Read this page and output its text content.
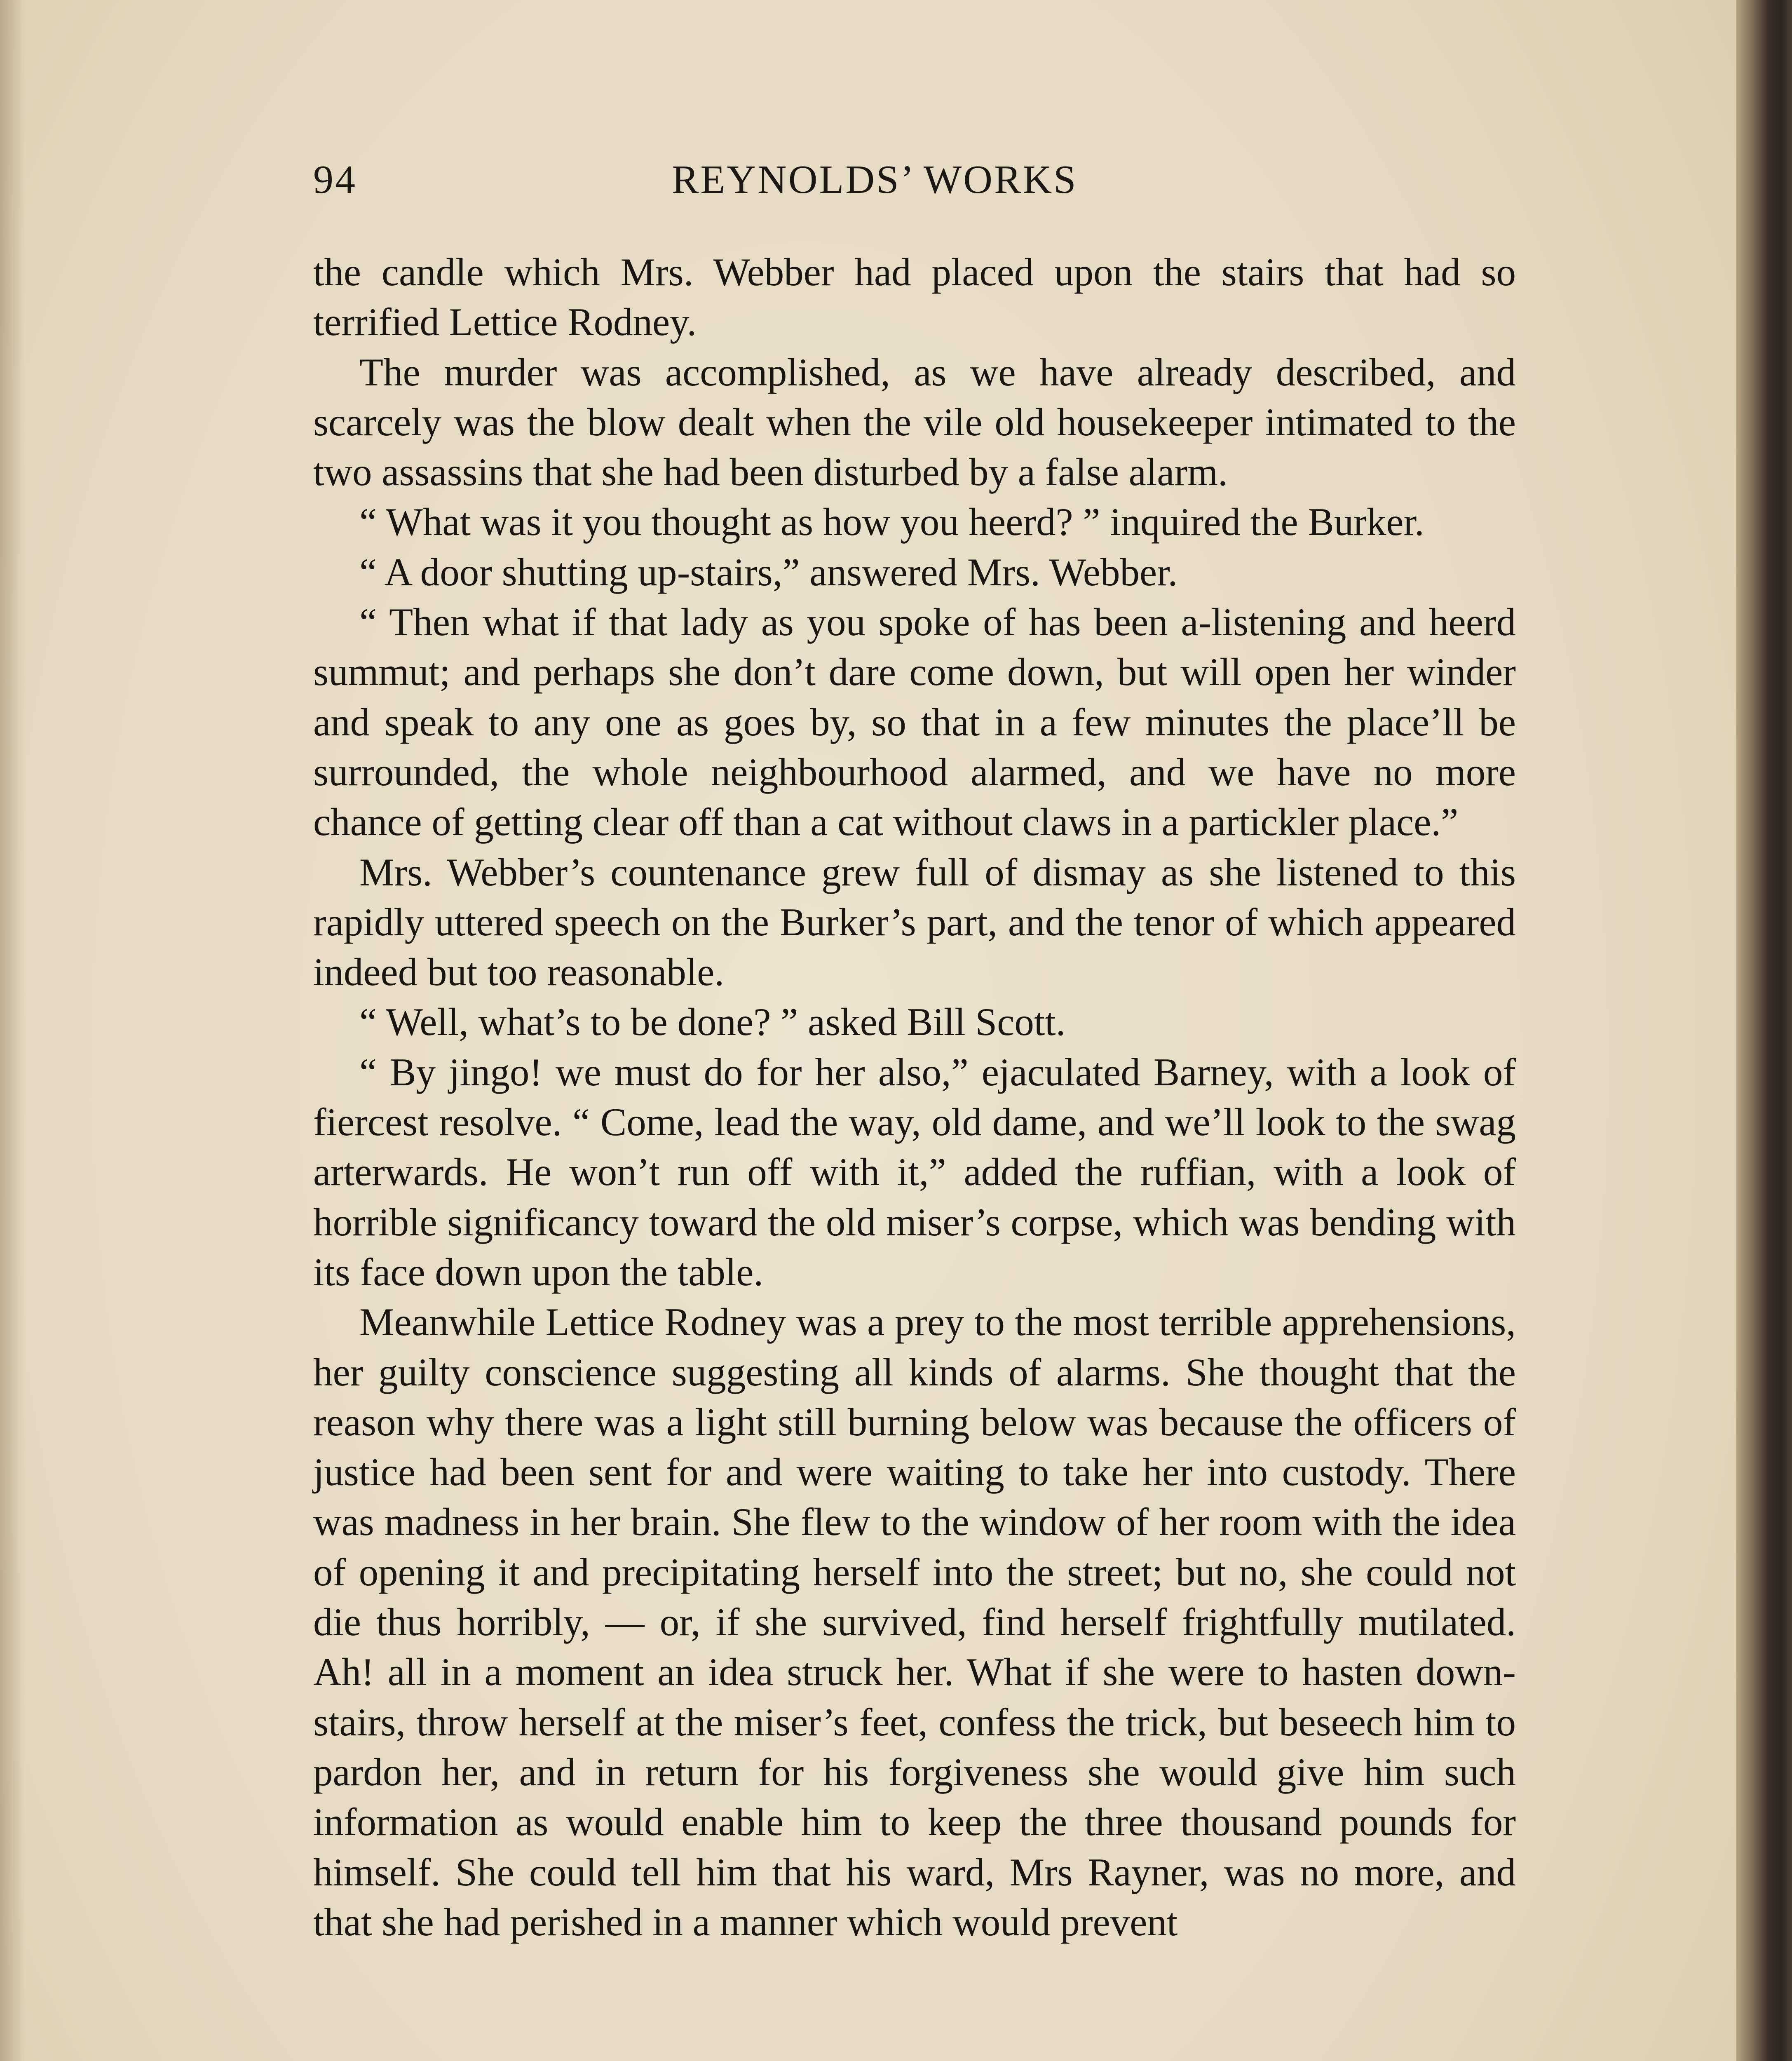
94	REYNOLDS’ WORKS

the candle which Mrs. Webber had placed upon the stairs that had so terrified Lettice Rodney.

The murder was accomplished, as we have already described, and scarcely was the blow dealt when the vile old housekeeper intimated to the two assassins that she had been disturbed by a false alarm.

“ What was it you thought as how you heerd? ” inquired the Burker.

“ A door shutting up-stairs,” answered Mrs. Webber.

“ Then what if that lady as you spoke of has been a-listening and heerd summut; and perhaps she don’t dare come down, but will open her winder and speak to any one as goes by, so that in a few minutes the place’ll be surrounded, the whole neighbourhood alarmed, and we have no more chance of getting clear off than a cat without claws in a partickler place.”

Mrs. Webber’s countenance grew full of dismay as she listened to this rapidly uttered speech on the Burker’s part, and the tenor of which appeared indeed but too reasonable.

“ Well, what’s to be done? ” asked Bill Scott.

“ By jingo! we must do for her also,” ejaculated Barney, with a look of fiercest resolve. “ Come, lead the way, old dame, and we’ll look to the swag arterwards. He won’t run off with it,” added the ruffian, with a look of horrible significancy toward the old miser’s corpse, which was bending with its face down upon the table.

Meanwhile Lettice Rodney was a prey to the most terrible apprehensions, her guilty conscience suggesting all kinds of alarms. She thought that the reason why there was a light still burning below was because the officers of justice had been sent for and were waiting to take her into custody. There was madness in her brain. She flew to the window of her room with the idea of opening it and precipitating herself into the street; but no, she could not die thus horribly, — or, if she survived, find herself frightfully mutilated. Ah! all in a moment an idea struck her. What if she were to hasten down-stairs, throw herself at the miser’s feet, confess the trick, but beseech him to pardon her, and in return for his forgiveness she would give him such information as would enable him to keep the three thousand pounds for himself. She could tell him that his ward, Mrs Rayner, was no more, and that she had perished in a manner which would prevent
